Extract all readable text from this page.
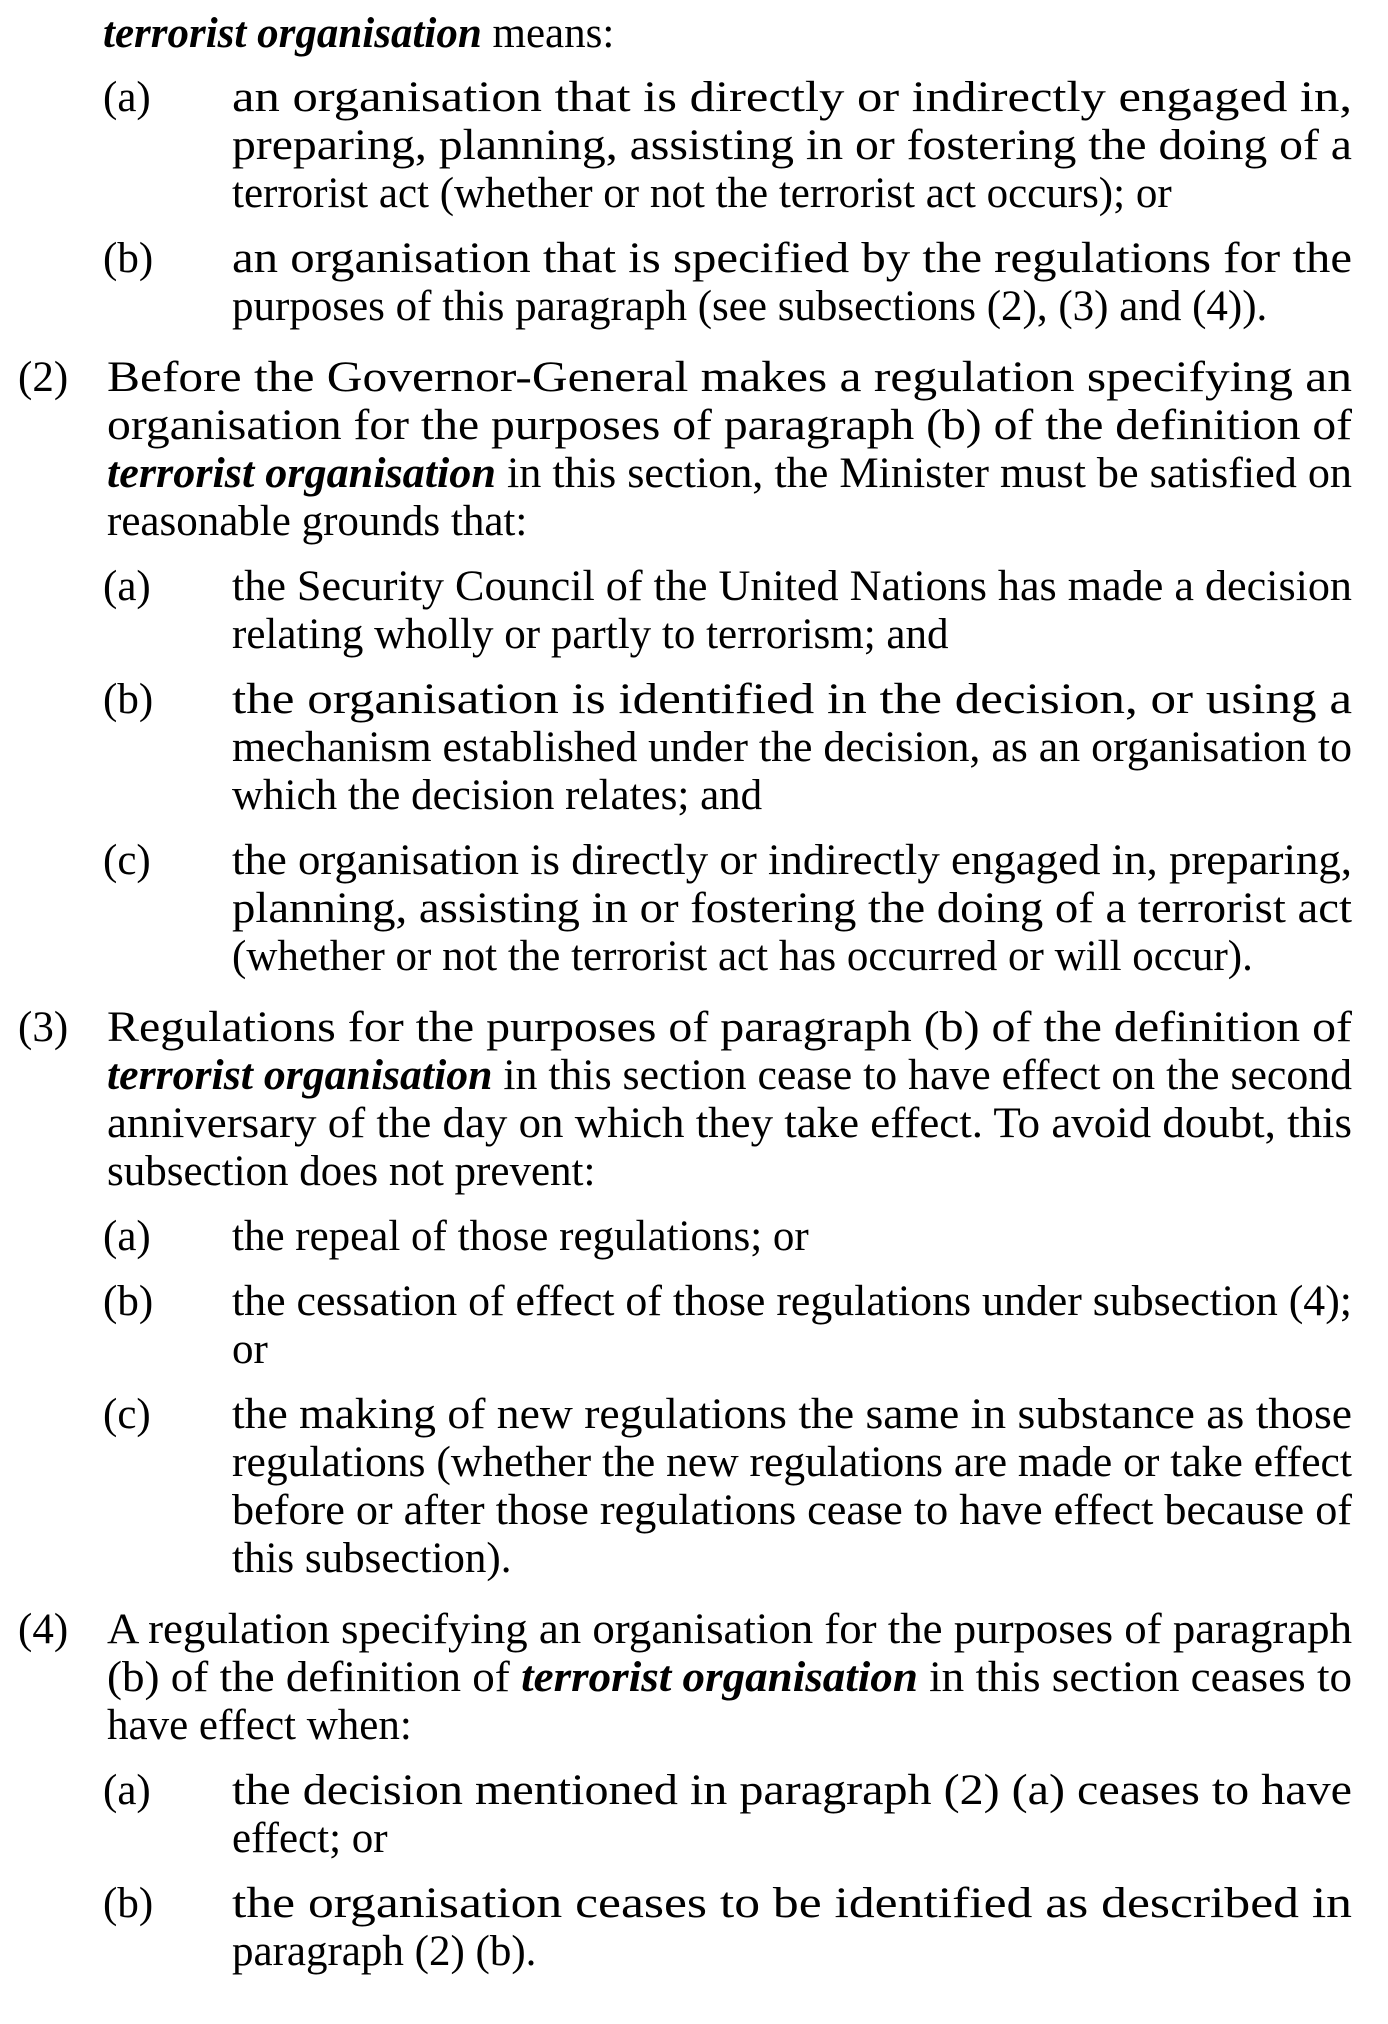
terrorist organisation means:
(a) an organisation that is directly or indirectly engaged in,
preparing, planning, assisting in or fostering the doing of a
terrorist act (whether or not the terrorist act occurs); or
(b) an organisation that is specified by the regulations for the
purposes of this paragraph (see subsections (2), (3) and (4)).
(2) Before the Governor-General makes a regulation specifying an
organisation for the purposes of paragraph (b) of the definition of
terrorist organisation in this section, the Minister must be satisfied on
reasonable grounds that:
(a) the Security Council of the United Nations has made a decision
relating wholly or partly to terrorism; and
(b) the organisation is identified in the decision, or using a
mechanism established under the decision, as an organisation to
which the decision relates; and
(c) the organisation is directly or indirectly engaged in, preparing,
planning, assisting in or fostering the doing of a terrorist act
(whether or not the terrorist act has occurred or will occur).
(3) Regulations for the purposes of paragraph (b) of the definition of
terrorist organisation in this section cease to have effect on the second
anniversary of the day on which they take effect. To avoid doubt, this
subsection does not prevent:
(a) the repeal of those regulations; or
(b) the cessation of effect of those regulations under subsection (4);
or
(c) the making of new regulations the same in substance as those
regulations (whether the new regulations are made or take effect
before or after those regulations cease to have effect because of
this subsection).
(4) A regulation specifying an organisation for the purposes of paragraph
(b) of the definition of terrorist organisation in this section ceases to
have effect when:
(a) the decision mentioned in paragraph (2) (a) ceases to have
effect; or
(b) the organisation ceases to be identified as described in
paragraph (2) (b).
